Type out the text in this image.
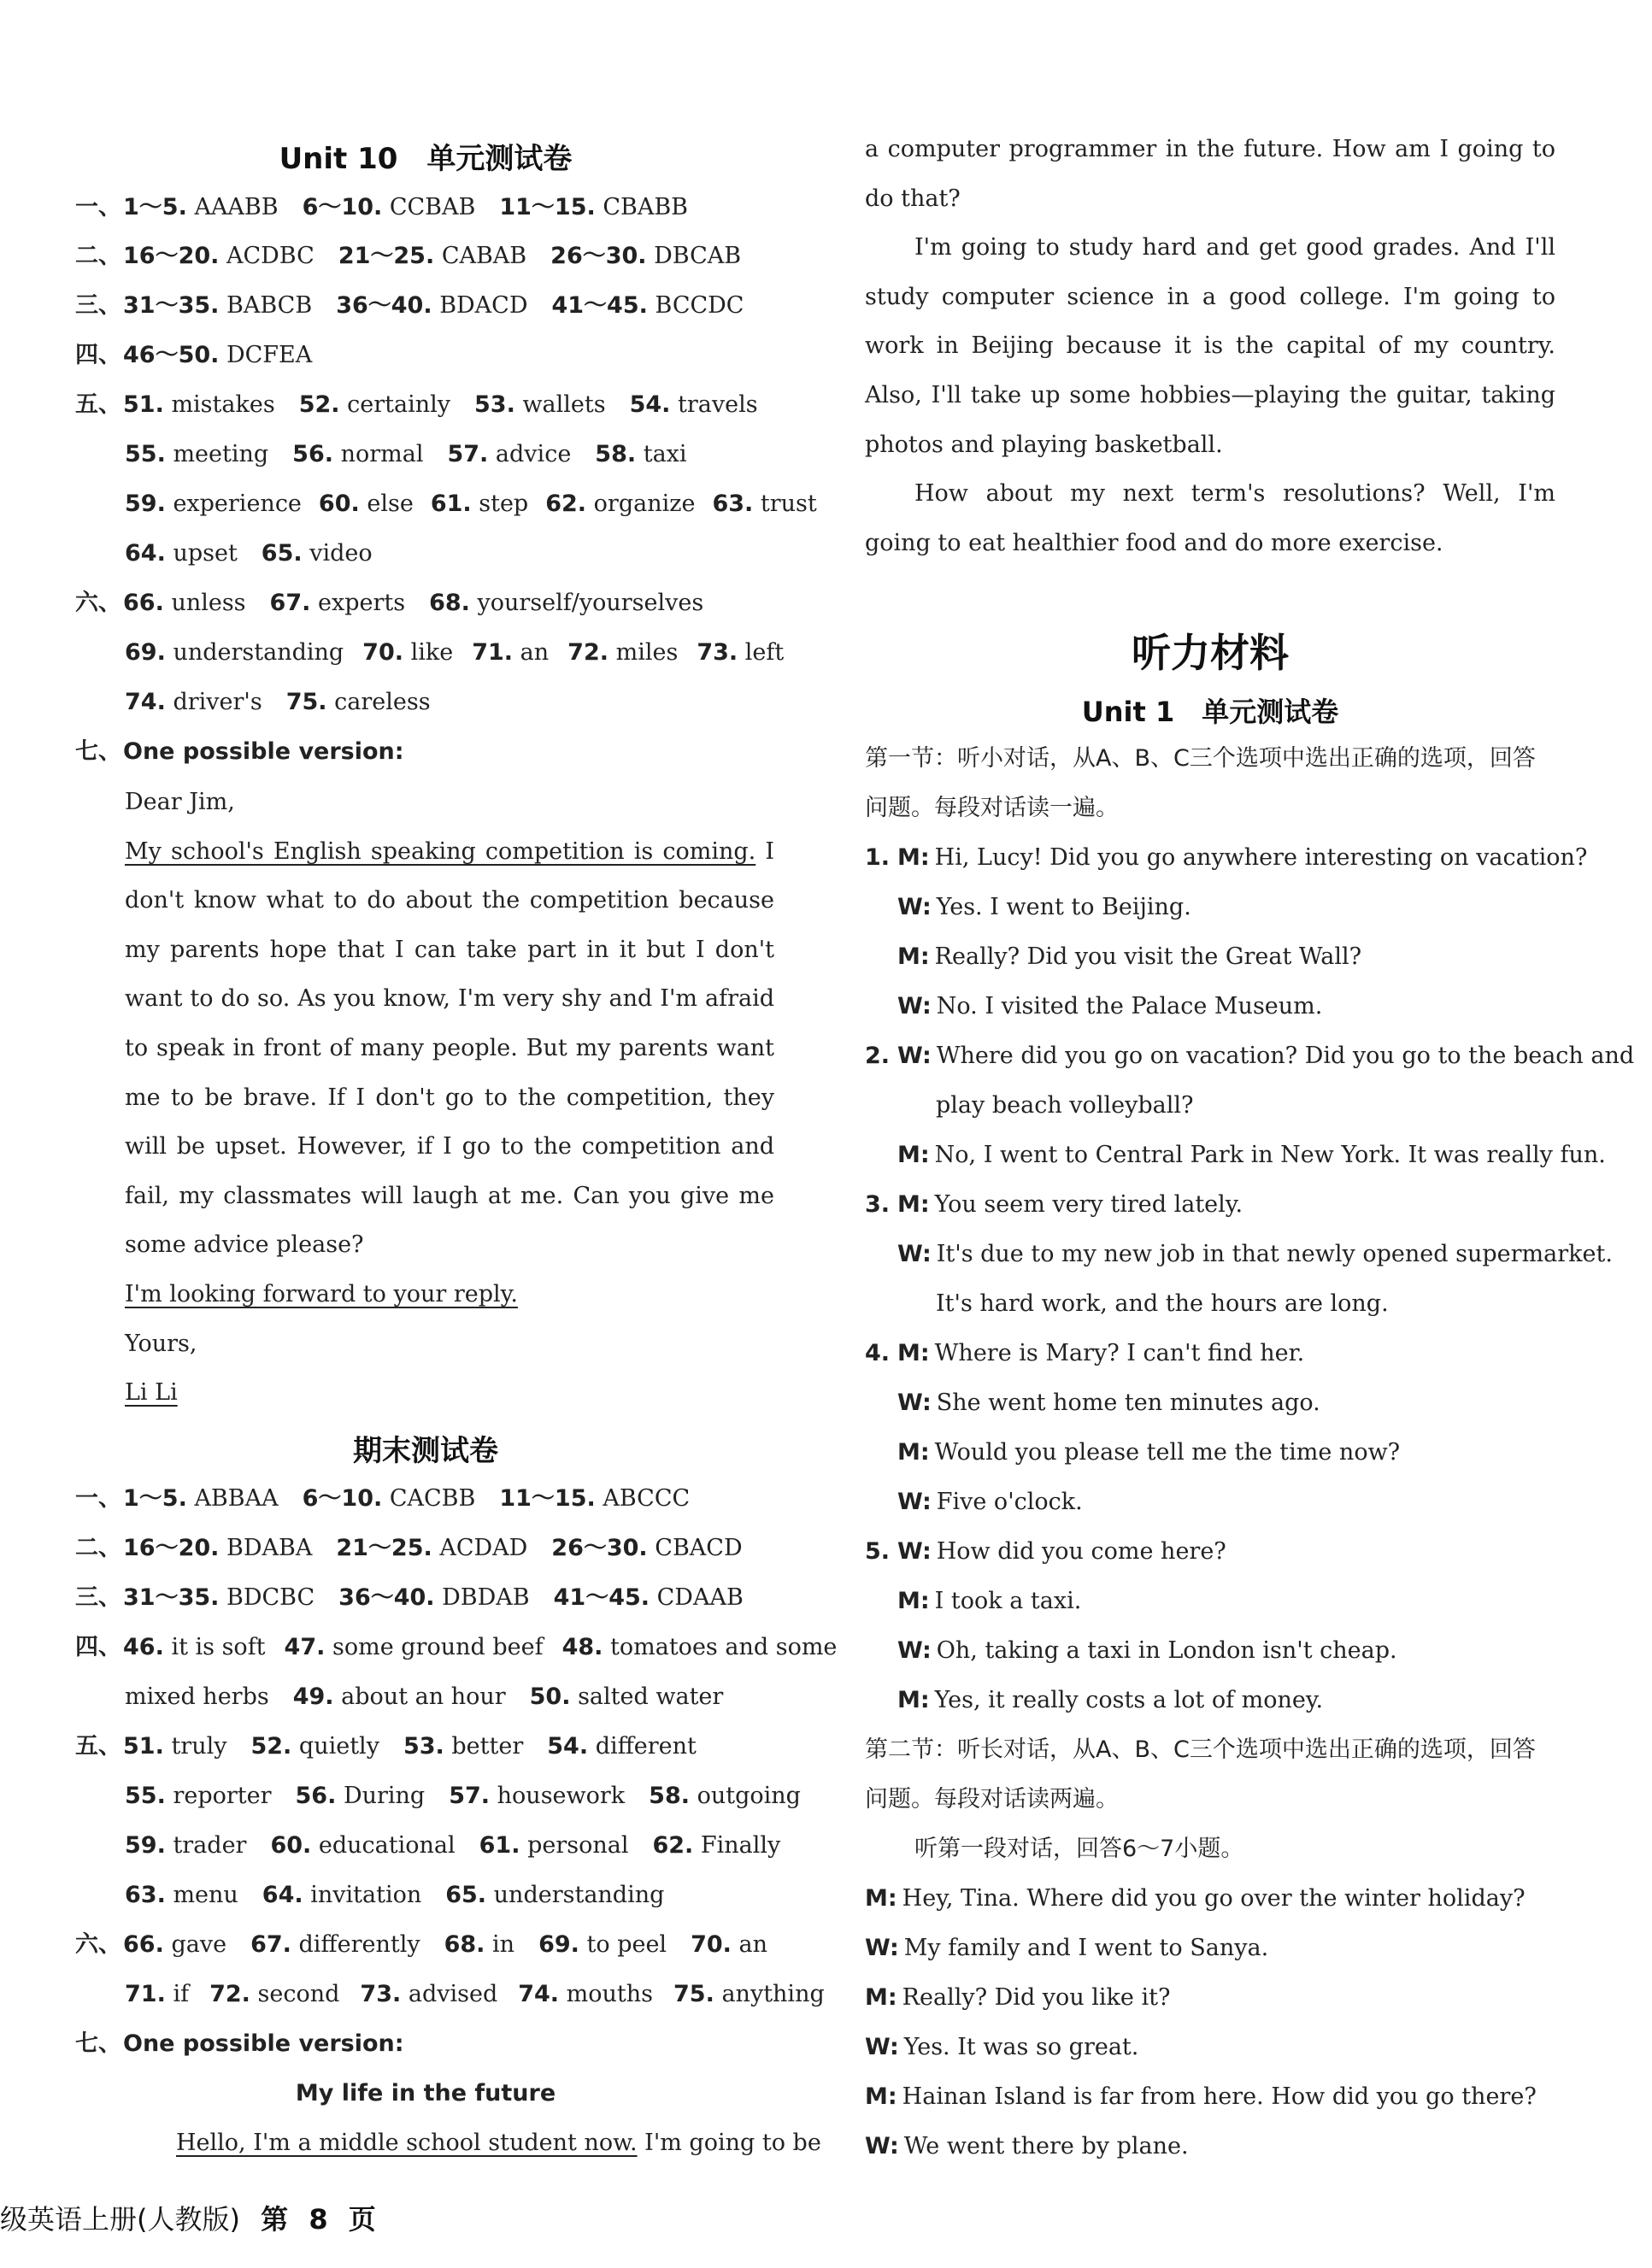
Unit 10　单元测试卷
一、1～5. AAABB 6～10. CCBAB 11～15. CBABB
二、16～20. ACDBC 21～25. CABAB 26～30. DBCAB
三、31～35. BABCB 36～40. BDACD 41～45. BCCDC
四、46～50. DCFEA
五、51. mistakes 52. certainly 53. wallets 54. travels
55. meeting 56. normal 57. advice 58. taxi
59. experience 60. else 61. step 62. organize 63. trust
64. upset 65. video
六、66. unless 67. experts 68. yourself/yourselves
69. understanding 70. like 71. an 72. miles 73. left
74. driver's 75. careless
七、One possible version:

Dear Jim,

My school's English speaking competition is coming. I don't know what to do about the competition because my parents hope that I can take part in it but I don't want to do so. As you know, I'm very shy and I'm afraid to speak in front of many people. But my parents want me to be brave. If I don't go to the competition, they will be upset. However, if I go to the competition and fail, my classmates will laugh at me. Can you give me some advice please?

I'm looking forward to your reply.

Yours,

Li Li

期末测试卷
一、1～5. ABBAA 6～10. CACBB 11～15. ABCCC
二、16～20. BDABA 21～25. ACDAD 26～30. CBACD
三、31～35. BDCBC 36～40. DBDAB 41～45. CDAAB
四、46. it is soft 47. some ground beef 48. tomatoes and some
mixed herbs 49. about an hour 50. salted water
五、51. truly 52. quietly 53. better 54. different
55. reporter 56. During 57. housework 58. outgoing
59. trader 60. educational 61. personal 62. Finally
63. menu 64. invitation 65. understanding
六、66. gave 67. differently 68. in 69. to peel 70. an
71. if 72. second 73. advised 74. mouths 75. anything
七、One possible version:
My life in the future
Hello, I'm a middle school student now. I'm going to be

a computer programmer in the future. How am I going to do that?

I'm going to study hard and get good grades. And I'll study computer science in a good college. I'm going to work in Beijing because it is the capital of my country. Also, I'll take up some hobbies—playing the guitar, taking photos and playing basketball.

How about my next term's resolutions? Well, I'm going to eat healthier food and do more exercise.

听力材料
Unit 1　单元测试卷
第一节：听小对话，从A、B、C三个选项中选出正确的选项，回答
问题。每段对话读一遍。
1. M: Hi, Lucy! Did you go anywhere interesting on vacation?
W: Yes. I went to Beijing.
M: Really? Did you visit the Great Wall?
W: No. I visited the Palace Museum.
2. W: Where did you go on vacation? Did you go to the beach and
play beach volleyball?
M: No, I went to Central Park in New York. It was really fun.
3. M: You seem very tired lately.
W: It's due to my new job in that newly opened supermarket.
It's hard work, and the hours are long.
4. M: Where is Mary? I can't find her.
W: She went home ten minutes ago.
M: Would you please tell me the time now?
W: Five o'clock.
5. W: How did you come here?
M: I took a taxi.
W: Oh, taking a taxi in London isn't cheap.
M: Yes, it really costs a lot of money.
第二节：听长对话，从A、B、C三个选项中选出正确的选项，回答
问题。每段对话读两遍。
听第一段对话，回答6～7小题。
M: Hey, Tina. Where did you go over the winter holiday?
W: My family and I went to Sanya.
M: Really? Did you like it?
W: Yes. It was so great.
M: Hainan Island is far from here. How did you go there?
W: We went there by plane.
级英语上册(人教版) 第 8 页
